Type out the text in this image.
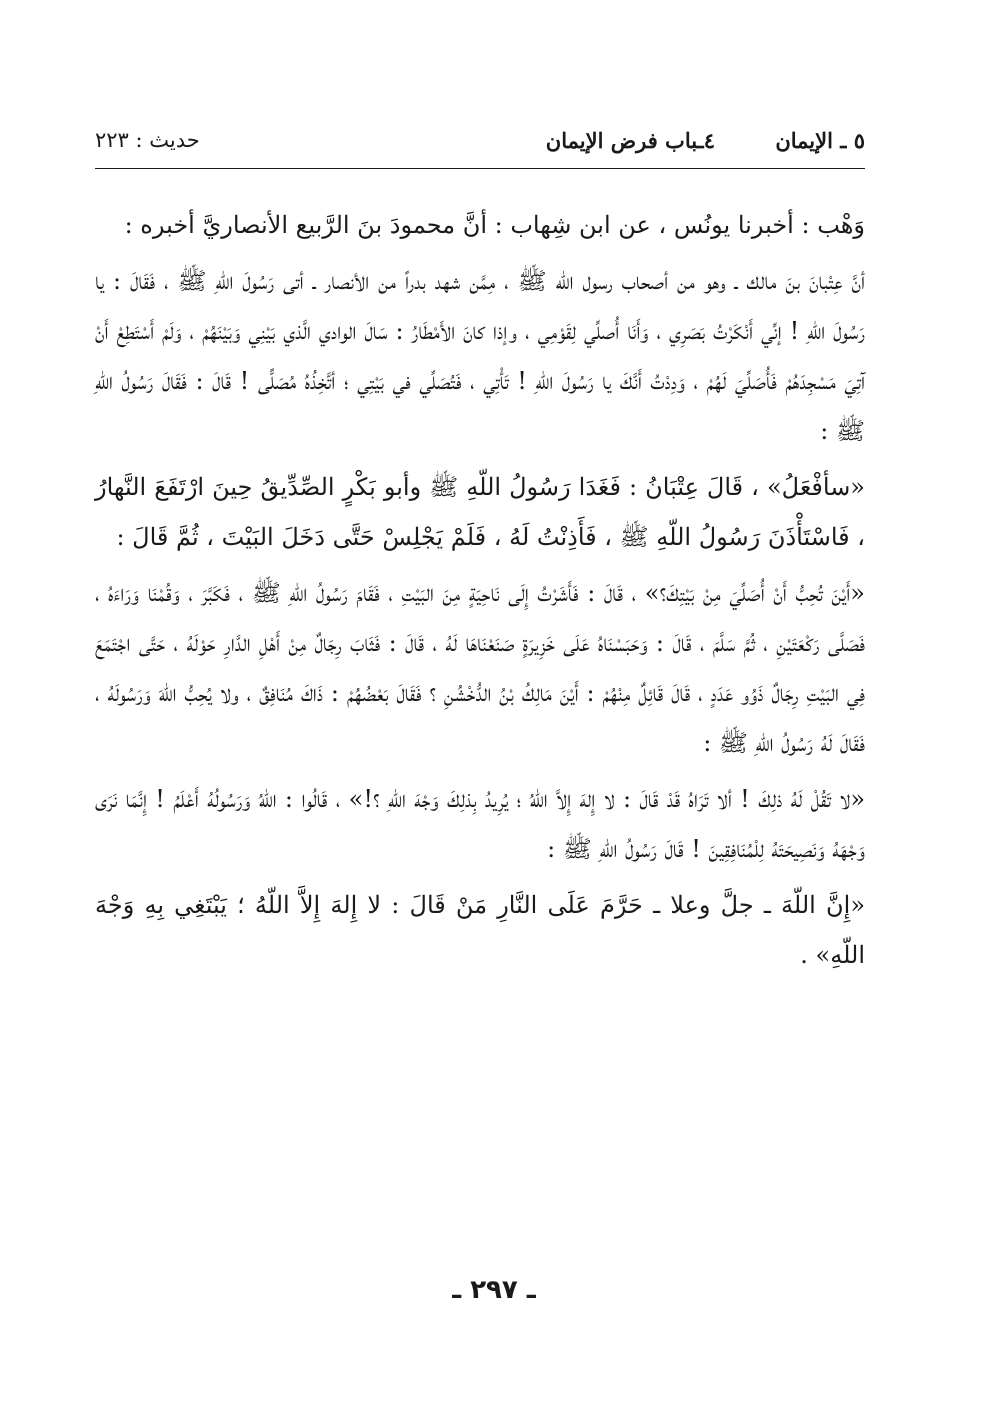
٥ ـ الإيمان
٤ـباب فرض الإيمان
حديث : ٢٢٣

وَهْب : أخبرنا يونُس ، عن ابن شِهاب : أنَّ محمودَ بنَ الرَّبيع الأنصاريَّ أخبره :

أنَّ عِتْبانَ بنَ مالك ـ وهو من أصحاب رسول اللّه ﷺ ، مِمَّن شهد بدراً من الأنصار ـ أتى رَسُولَ اللّهِ ﷺ ، فَقَالَ : يا رَسُولَ اللّهِ ! إنِّي أَنْكَرْتُ بَصَرِي ، وَأَنَا أُصلِّي لِقَوْمِي ، وإذا كانَ الأَمْطَارُ : سَالَ الوادي الَّذي بَيْنِي وَبَيْنَهُمْ ، وَلَمْ أَسْتَطِعْ أَنْ آتِيَ مَسْجِدَهُمْ فَأُصَلِّيَ لَهُمْ ، وَدِدْتُ أَنَّكَ يا رَسُولَ اللّهِ ! تَأْتِي ، فَتُصَلِّي في بَيْتِي ؛ أتَّخِذُهُ مُصَلًّى ! قَالَ : فَقَالَ رَسُولُ اللّهِ ﷺ :

«سأفْعَلُ» ، قَالَ عِتْبَانُ : فَغَدَا رَسُولُ اللّهِ ﷺ وأبو بَكْرٍ الصِّدِّيقُ حِينَ ارْتَفَعَ النَّهارُ ، فَاسْتَأْذَنَ رَسُولُ اللّهِ ﷺ ، فَأَذِنْتُ لَهُ ، فَلَمْ يَجْلِسْ حَتَّى دَخَلَ البَيْتَ ، ثُمَّ قَالَ :

«أَيْنَ تُحِبُّ أَنْ أُصَلِّيَ مِنْ بَيْتِكَ؟» ، قَالَ : فَأَشَرْتُ إِلَى نَاحِيَةٍ مِنَ البَيْتِ ، فَقَامَ رَسُولُ اللّهِ ﷺ ، فَكَبَّرَ ، وَقُمْنَا وَرَاءَهُ ، فَصَلَّى رَكْعَتَيْنِ ، ثُمَّ سَلَّمَ ، قَالَ : وَحَبَسْنَاهُ عَلَى خَزِيرَةٍ صَنَعْنَاهَا لَهُ ، قَالَ : فَثَابَ رِجَالٌ مِنْ أَهْلِ الدَّارِ حَوْلَهُ ، حَتَّى اجْتَمَعَ فِي البَيْتِ رِجَالٌ ذَوُو عَدَدٍ ، قَالَ قَائِلٌ مِنْهُمْ : أَيْنَ مَالِكُ بْنُ الدُّخْشُنِ ؟ فَقَالَ بَعْضُهُمْ : ذَاكَ مُنَافِقٌ ، ولا يُحِبُّ اللّهَ وَرَسُولَهُ ، فَقَالَ لَهُ رَسُولُ اللّهِ ﷺ :

«لا تَقُلْ لَهُ ذلِكَ ! ألا تَرَاهُ قَدْ قَالَ : لا إِلهَ إِلاَّ اللّهُ ؛ يُرِيدُ بِذلِكَ وَجْهَ اللّهِ ؟!» ، قَالُوا : اللّهُ وَرَسُولُهُ أَعْلَمُ ! إِنَّمَا نَرَى وَجْهَهُ وَنَصِيحَتَهُ لِلْمُنَافِقِينَ ! قَالَ رَسُولُ اللّهِ ﷺ :

«إِنَّ اللّهَ ـ جلَّ وعلا ـ حَرَّمَ عَلَى النَّارِ مَنْ قَالَ : لا إِلهَ إِلاَّ اللّهُ ؛ يَبْتَغِي بِهِ وَجْهَ اللّهِ» .

ـ ٢٩٧ ـ
